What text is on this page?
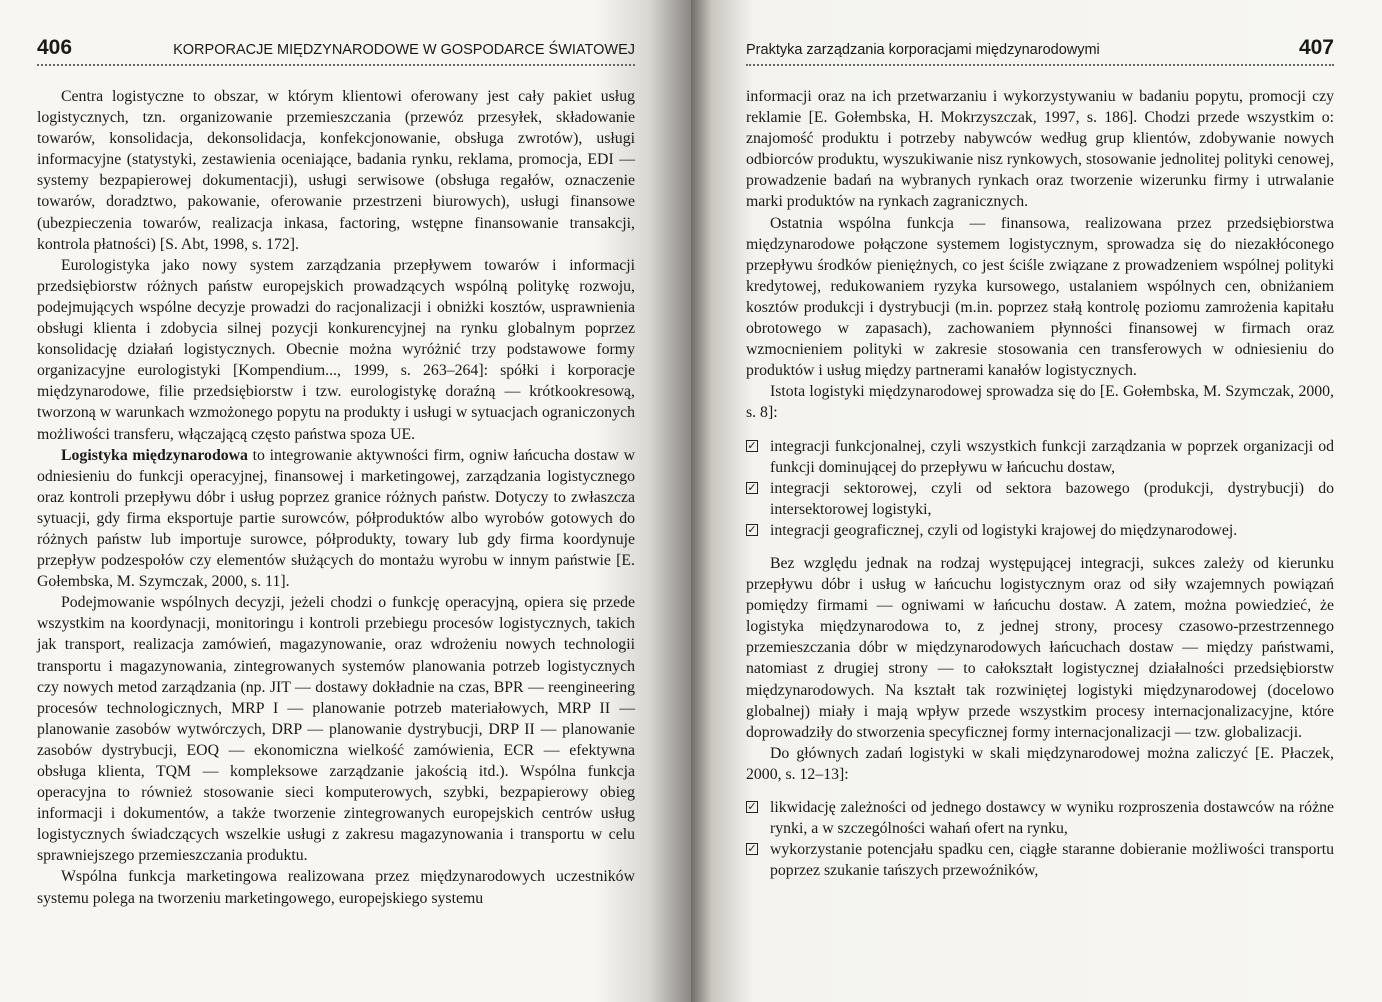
406	KORPORACJE MIĘDZYNARODOWE W GOSPODARCE ŚWIATOWEJ

Centra logistyczne to obszar, w którym klientowi oferowany jest cały pakiet usług logistycznych, tzn. organizowanie przemieszczania (przewóz przesyłek, składowanie towarów, konsolidacja, dekonsolidacja, konfekcjonowanie, obsługa zwrotów), usługi informacyjne (statystyki, zestawienia oceniające, badania rynku, reklama, promocja, EDI — systemy bezpapierowej dokumentacji), usługi serwisowe (obsługa regałów, oznaczenie towarów, doradztwo, pakowanie, oferowanie przestrzeni biurowych), usługi finansowe (ubezpieczenia towarów, realizacja inkasa, factoring, wstępne finansowanie transakcji, kontrola płatności) [S. Abt, 1998, s. 172].

Eurologistyka jako nowy system zarządzania przepływem towarów i informacji przedsiębiorstw różnych państw europejskich prowadzących wspólną politykę rozwoju, podejmujących wspólne decyzje prowadzi do racjonalizacji i obniżki kosztów, usprawnienia obsługi klienta i zdobycia silnej pozycji konkurencyjnej na rynku globalnym poprzez konsolidację działań logistycznych. Obecnie można wyróżnić trzy podstawowe formy organizacyjne eurologistyki [Kompendium..., 1999, s. 263–264]: spółki i korporacje międzynarodowe, filie przedsiębiorstw i tzw. eurologistykę doraźną — krótkookresową, tworzoną w warunkach wzmożonego popytu na produkty i usługi w sytuacjach ograniczonych możliwości transferu, włączającą często państwa spoza UE.

Logistyka międzynarodowa to integrowanie aktywności firm, ogniw łańcucha dostaw w odniesieniu do funkcji operacyjnej, finansowej i marketingowej, zarządzania logistycznego oraz kontroli przepływu dóbr i usług poprzez granice różnych państw. Dotyczy to zwłaszcza sytuacji, gdy firma eksportuje partie surowców, półproduktów albo wyrobów gotowych do różnych państw lub importuje surowce, półprodukty, towary lub gdy firma koordynuje przepływ podzespołów czy elementów służących do montażu wyrobu w innym państwie [E. Gołembska, M. Szymczak, 2000, s. 11].

Podejmowanie wspólnych decyzji, jeżeli chodzi o funkcję operacyjną, opiera się przede wszystkim na koordynacji, monitoringu i kontroli przebiegu procesów logistycznych, takich jak transport, realizacja zamówień, magazynowanie, oraz wdrożeniu nowych technologii transportu i magazynowania, zintegrowanych systemów planowania potrzeb logistycznych czy nowych metod zarządzania (np. JIT — dostawy dokładnie na czas, BPR — reengineering procesów technologicznych, MRP I — planowanie potrzeb materiałowych, MRP II — planowanie zasobów wytwórczych, DRP — planowanie dystrybucji, DRP II — planowanie zasobów dystrybucji, EOQ — ekonomiczna wielkość zamówienia, ECR — efektywna obsługa klienta, TQM — kompleksowe zarządzanie jakością itd.). Wspólna funkcja operacyjna to również stosowanie sieci komputerowych, szybki, bezpapierowy obieg informacji i dokumentów, a także tworzenie zintegrowanych europejskich centrów usług logistycznych świadczących wszelkie usługi z zakresu magazynowania i transportu w celu sprawniejszego przemieszczania produktu.

Wspólna funkcja marketingowa realizowana przez międzynarodowych uczestników systemu polega na tworzeniu marketingowego, europejskiego systemu

Praktyka zarządzania korporacjami międzynarodowymi	407

informacji oraz na ich przetwarzaniu i wykorzystywaniu w badaniu popytu, promocji czy reklamie [E. Gołembska, H. Mokrzyszczak, 1997, s. 186]. Chodzi przede wszystkim o: znajomość produktu i potrzeby nabywców według grup klientów, zdobywanie nowych odbiorców produktu, wyszukiwanie nisz rynkowych, stosowanie jednolitej polityki cenowej, prowadzenie badań na wybranych rynkach oraz tworzenie wizerunku firmy i utrwalanie marki produktów na rynkach zagranicznych.

Ostatnia wspólna funkcja — finansowa, realizowana przez przedsiębiorstwa międzynarodowe połączone systemem logistycznym, sprowadza się do niezakłóconego przepływu środków pieniężnych, co jest ściśle związane z prowadzeniem wspólnej polityki kredytowej, redukowaniem ryzyka kursowego, ustalaniem wspólnych cen, obniżaniem kosztów produkcji i dystrybucji (m.in. poprzez stałą kontrolę poziomu zamrożenia kapitału obrotowego w zapasach), zachowaniem płynności finansowej w firmach oraz wzmocnieniem polityki w zakresie stosowania cen transferowych w odniesieniu do produktów i usług między partnerami kanałów logistycznych.

Istota logistyki międzynarodowej sprowadza się do [E. Gołembska, M. Szymczak, 2000, s. 8]:

✓ integracji funkcjonalnej, czyli wszystkich funkcji zarządzania w poprzek organizacji od funkcji dominującej do przepływu w łańcuchu dostaw,
✓ integracji sektorowej, czyli od sektora bazowego (produkcji, dystrybucji) do intersektorowej logistyki,
✓ integracji geograficznej, czyli od logistyki krajowej do międzynarodowej.

Bez względu jednak na rodzaj występującej integracji, sukces zależy od kierunku przepływu dóbr i usług w łańcuchu logistycznym oraz od siły wzajemnych powiązań pomiędzy firmami — ogniwami w łańcuchu dostaw. A zatem, można powiedzieć, że logistyka międzynarodowa to, z jednej strony, procesy czasowo-przestrzennego przemieszczania dóbr w międzynarodowych łańcuchach dostaw — między państwami, natomiast z drugiej strony — to całokształt logistycznej działalności przedsiębiorstw międzynarodowych. Na kształt tak rozwiniętej logistyki międzynarodowej (docelowo globalnej) miały i mają wpływ przede wszystkim procesy internacjonalizacyjne, które doprowadziły do stworzenia specyficznej formy internacjonalizacji — tzw. globalizacji.

Do głównych zadań logistyki w skali międzynarodowej można zaliczyć [E. Płaczek, 2000, s. 12–13]:

✓ likwidację zależności od jednego dostawcy w wyniku rozproszenia dostawców na różne rynki, a w szczególności wahań ofert na rynku,
✓ wykorzystanie potencjału spadku cen, ciągłe staranne dobieranie możliwości transportu poprzez szukanie tańszych przewoźników,
